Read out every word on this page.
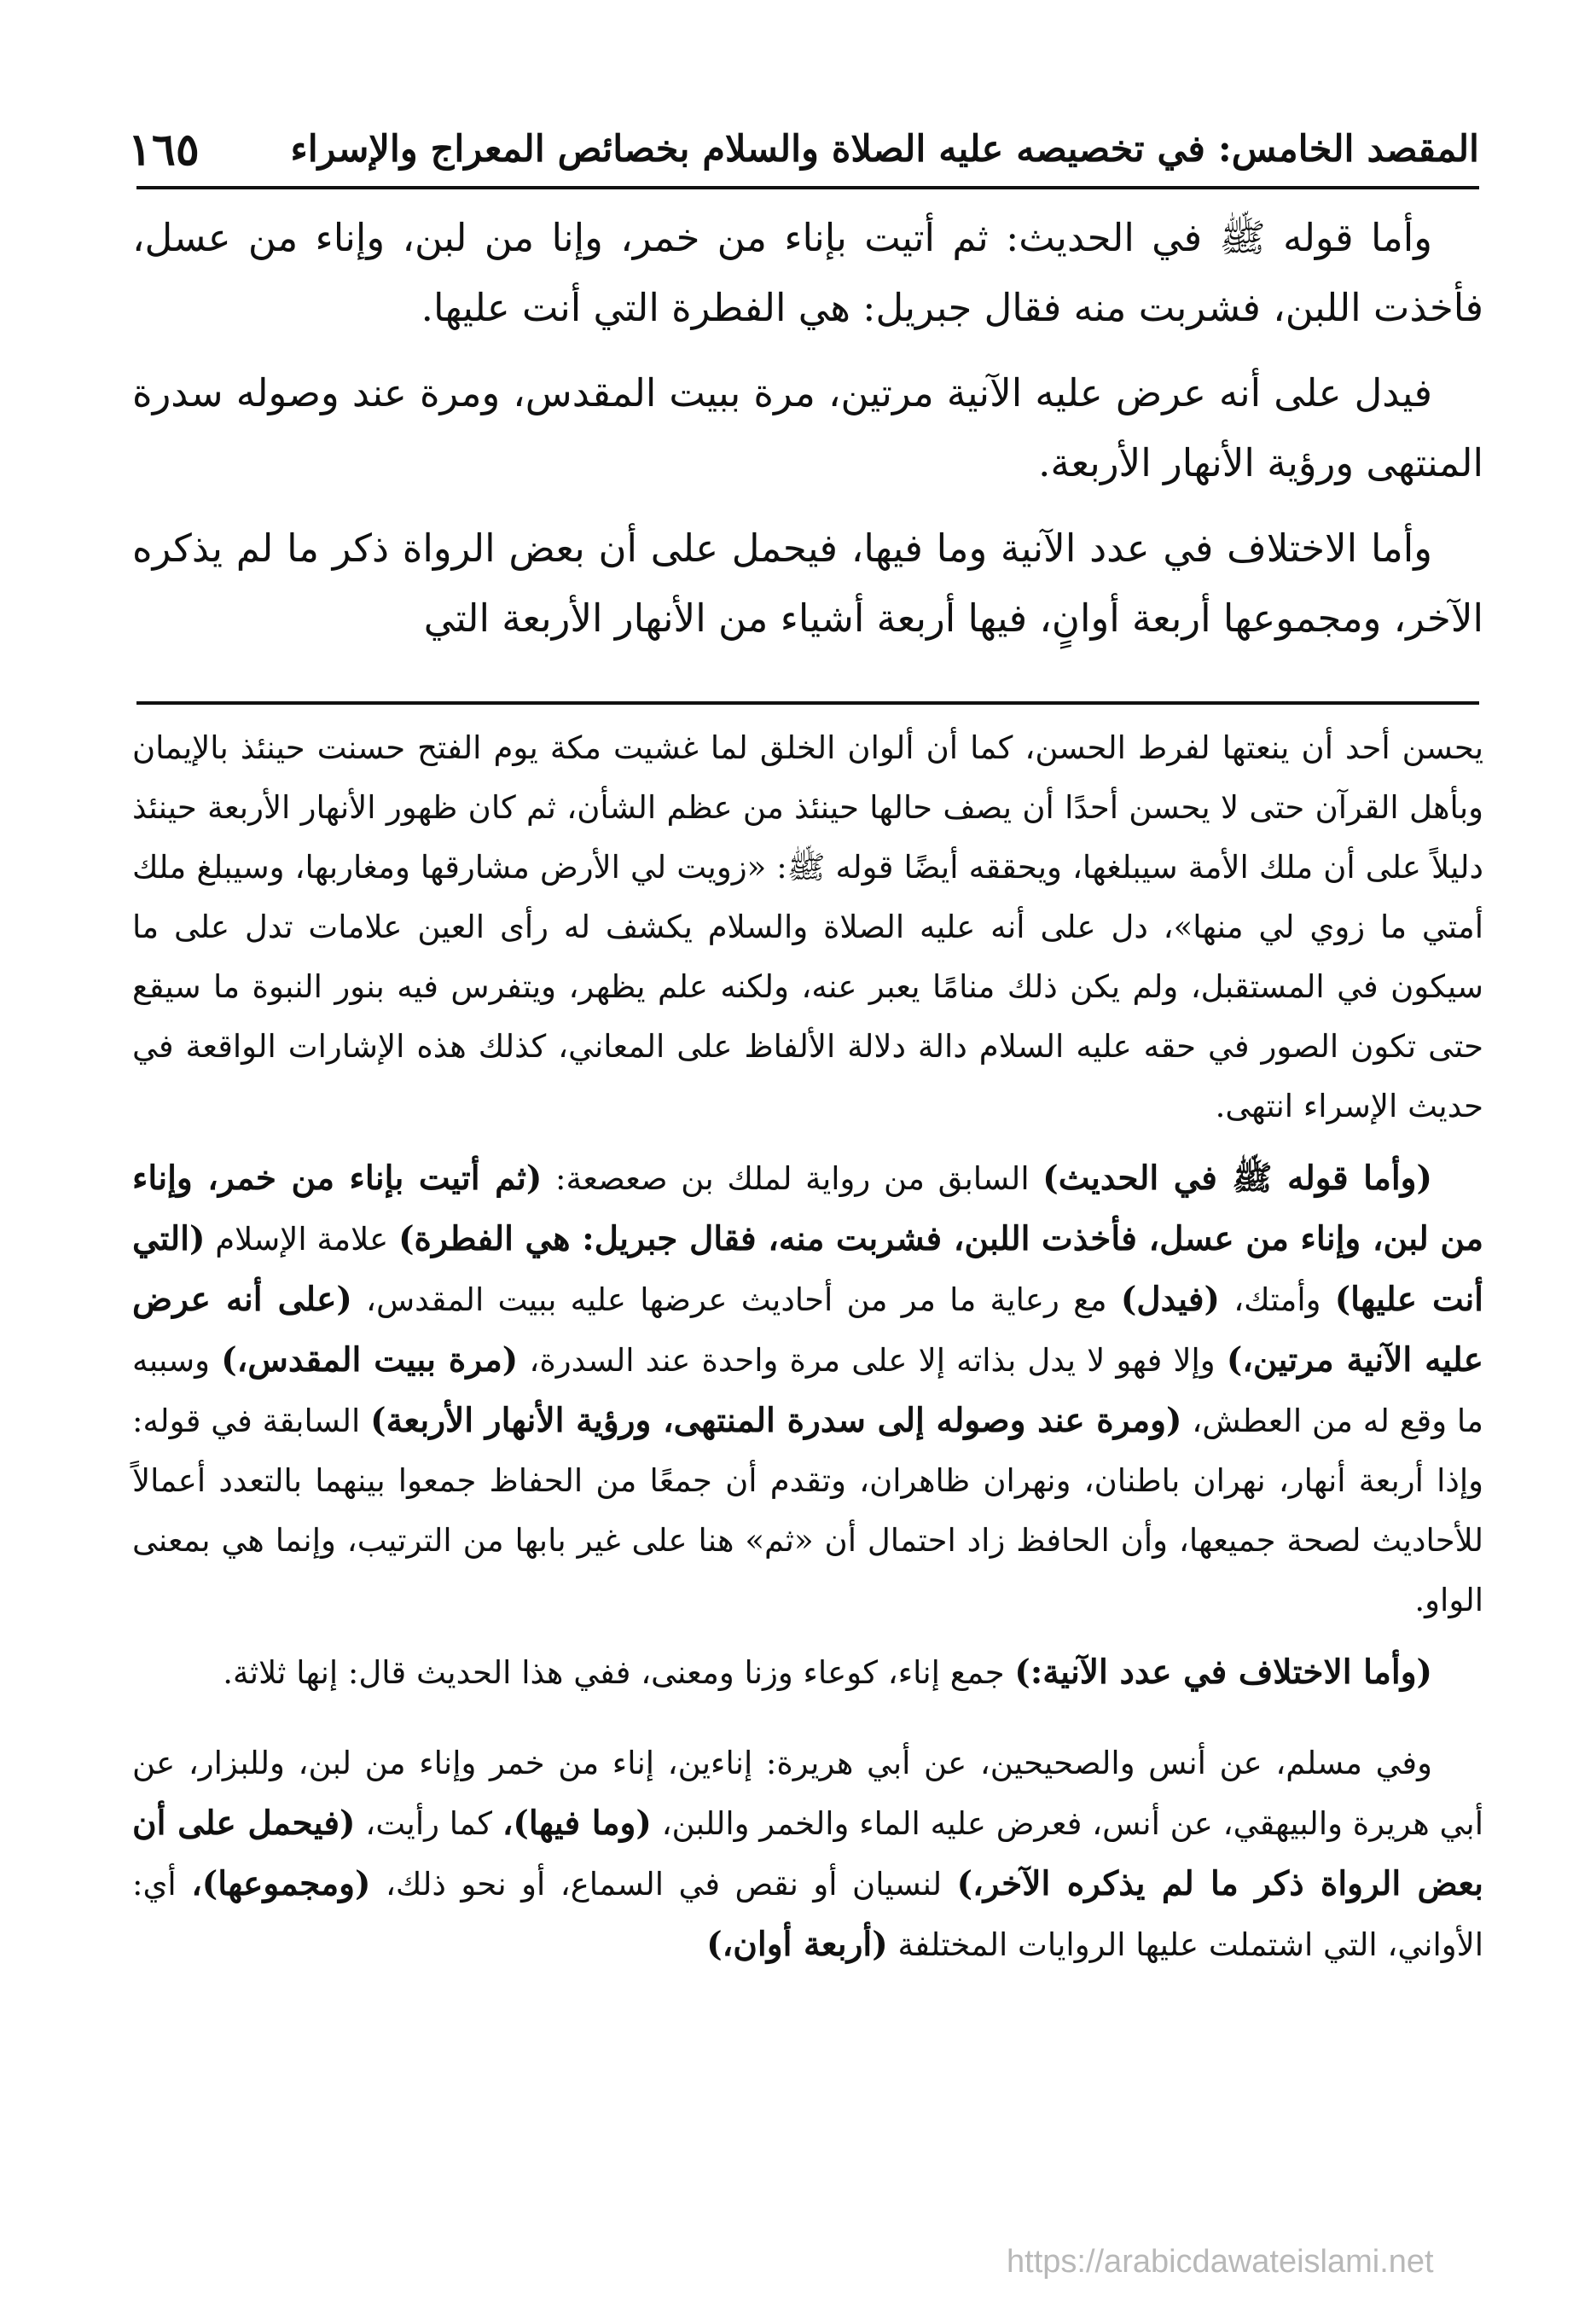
المقصد الخامس: في تخصيصه عليه الصلاة والسلام بخصائص المعراج والإسراء
١٦٥

وأما قوله ﷺ في الحديث: ثم أتيت بإناء من خمر، وإنا من لبن، وإناء من عسل، فأخذت اللبن، فشربت منه فقال جبريل: هي الفطرة التي أنت عليها.

فيدل على أنه عرض عليه الآنية مرتين، مرة ببيت المقدس، ومرة عند وصوله سدرة المنتهى ورؤية الأنهار الأربعة.

وأما الاختلاف في عدد الآنية وما فيها، فيحمل على أن بعض الرواة ذكر ما لم يذكره الآخر، ومجموعها أربعة أوانٍ، فيها أربعة أشياء من الأنهار الأربعة التي

يحسن أحد أن ينعتها لفرط الحسن، كما أن ألوان الخلق لما غشيت مكة يوم الفتح حسنت حينئذ بالإيمان وبأهل القرآن حتى لا يحسن أحدًا أن يصف حالها حينئذ من عظم الشأن، ثم كان ظهور الأنهار الأربعة حينئذ دليلاً على أن ملك الأمة سيبلغها، ويحققه أيضًا قوله ﷺ: «زويت لي الأرض مشارقها ومغاربها، وسيبلغ ملك أمتي ما زوي لي منها»، دل على أنه عليه الصلاة والسلام يكشف له رأى العين علامات تدل على ما سيكون في المستقبل، ولم يكن ذلك منامًا يعبر عنه، ولكنه علم يظهر، ويتفرس فيه بنور النبوة ما سيقع حتى تكون الصور في حقه عليه السلام دالة دلالة الألفاظ على المعاني، كذلك هذه الإشارات الواقعة في حديث الإسراء انتهى.

(وأما قوله ﷺ في الحديث) السابق من رواية لملك بن صعصعة: (ثم أتيت بإناء من خمر، وإناء من لبن، وإناء من عسل، فأخذت اللبن، فشربت منه، فقال جبريل: هي الفطرة) علامة الإسلام (التي أنت عليها) وأمتك، (فيدل) مع رعاية ما مر من أحاديث عرضها عليه ببيت المقدس، (على أنه عرض عليه الآنية مرتين،) وإلا فهو لا يدل بذاته إلا على مرة واحدة عند السدرة، (مرة ببيت المقدس،) وسببه ما وقع له من العطش، (ومرة عند وصوله إلى سدرة المنتهى، ورؤية الأنهار الأربعة) السابقة في قوله: وإذا أربعة أنهار، نهران باطنان، ونهران ظاهران، وتقدم أن جمعًا من الحفاظ جمعوا بينهما بالتعدد أعمالاً للأحاديث لصحة جميعها، وأن الحافظ زاد احتمال أن «ثم» هنا على غير بابها من الترتيب، وإنما هي بمعنى الواو.

(وأما الاختلاف في عدد الآنية:) جمع إناء، كوعاء وزنا ومعنى، ففي هذا الحديث قال: إنها ثلاثة.

وفي مسلم، عن أنس والصحيحين، عن أبي هريرة: إناءين، إناء من خمر وإناء من لبن، وللبزار، عن أبي هريرة والبيهقي، عن أنس، فعرض عليه الماء والخمر واللبن، (وما فيها)، كما رأيت، (فيحمل على أن بعض الرواة ذكر ما لم يذكره الآخر،) لنسيان أو نقص في السماع، أو نحو ذلك، (ومجموعها)، أي: الأواني، التي اشتملت عليها الروايات المختلفة (أربعة أوان،)

https://arabicdawateislami.net
